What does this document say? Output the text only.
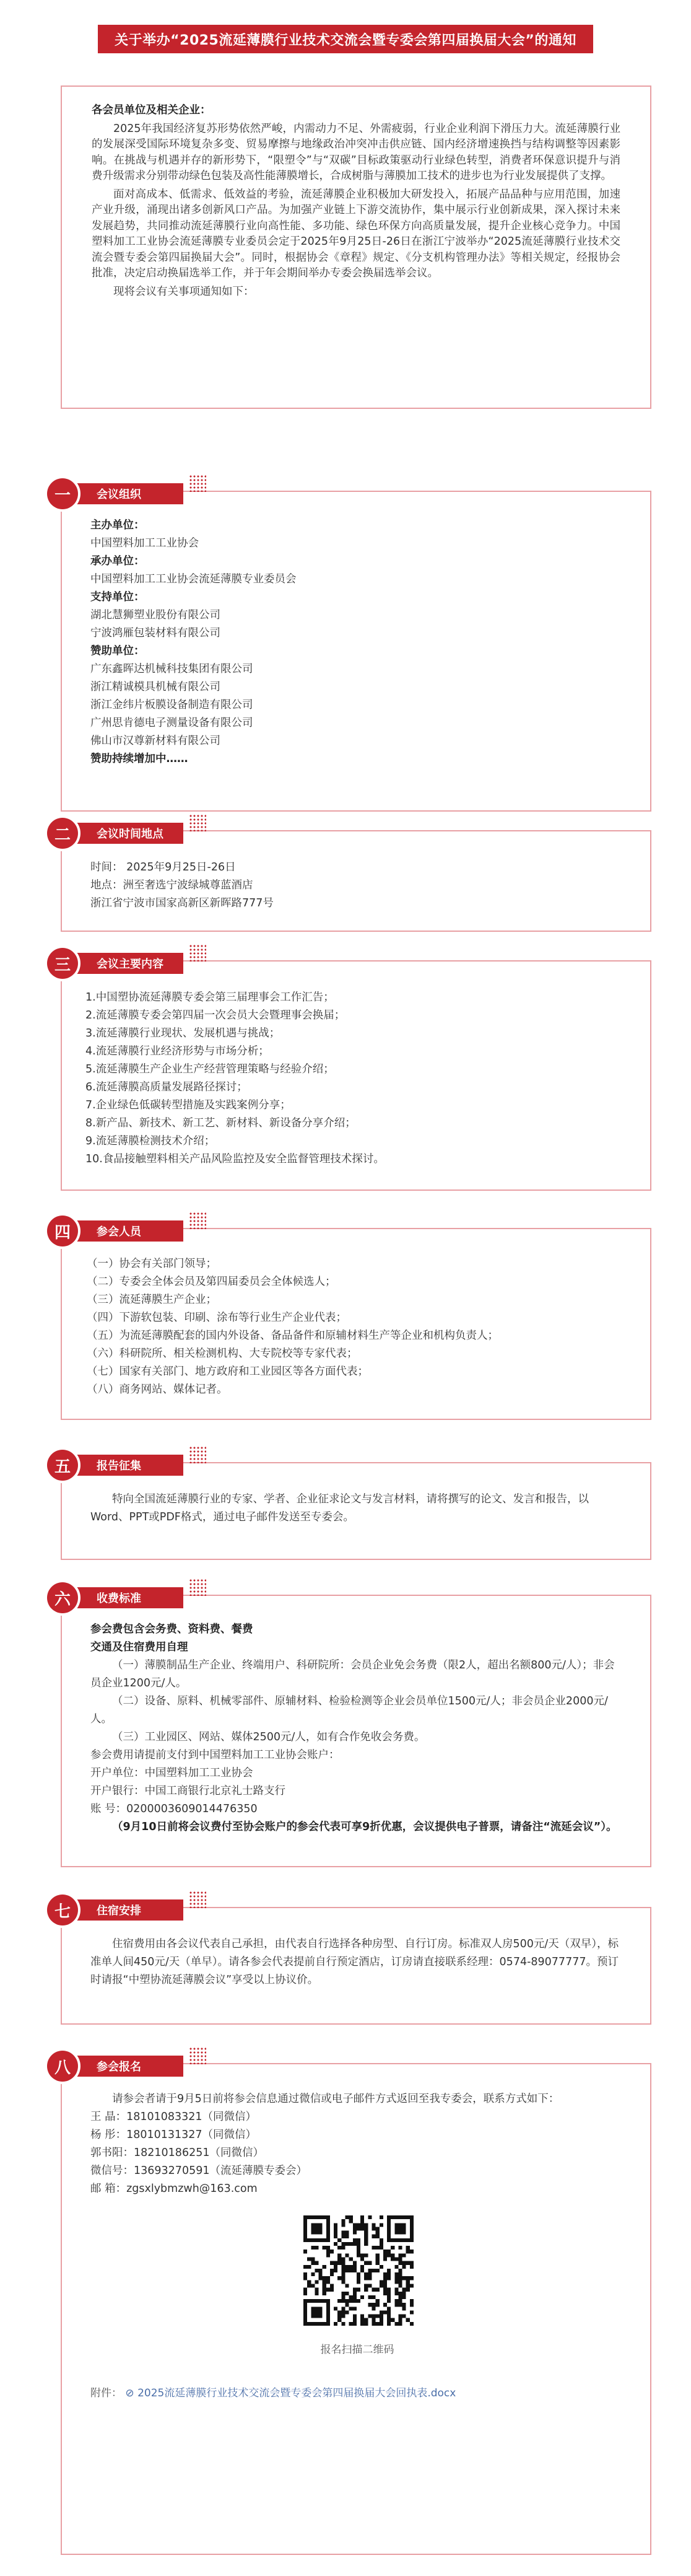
关于举办“2025流延薄膜行业技术交流会暨专委会第四届换届大会”的通知

各会员单位及相关企业：

2025年我国经济复苏形势依然严峻，内需动力不足、外需疲弱，行业企业利润下滑压力大。流延薄膜行业的发展深受国际环境复杂多变、贸易摩擦与地缘政治冲突冲击供应链、国内经济增速换挡与结构调整等因素影响。在挑战与机遇并存的新形势下，“限塑令”与“双碳”目标政策驱动行业绿色转型，消费者环保意识提升与消费升级需求分别带动绿色包装及高性能薄膜增长，合成树脂与薄膜加工技术的进步也为行业发展提供了支撑。

面对高成本、低需求、低效益的考验，流延薄膜企业积极加大研发投入，拓展产品品种与应用范围，加速产业升级，涌现出诸多创新风口产品。为加强产业链上下游交流协作，集中展示行业创新成果，深入探讨未来发展趋势，共同推动流延薄膜行业向高性能、多功能、绿色环保方向高质量发展，提升企业核心竞争力。中国塑料加工工业协会流延薄膜专业委员会定于2025年9月25日-26日在浙江宁波举办“2025流延薄膜行业技术交流会暨专委会第四届换届大会”。同时，根据协会《章程》规定、《分支机构管理办法》等相关规定，经报协会批准，决定启动换届选举工作，并于年会期间举办专委会换届选举会议。

现将会议有关事项通知如下：

一	会议组织
主办单位：
中国塑料加工工业协会
承办单位：
中国塑料加工工业协会流延薄膜专业委员会
支持单位：
湖北慧狮塑业股份有限公司
宁波鸿雁包装材料有限公司
赞助单位：
广东鑫晖达机械科技集团有限公司
浙江精诚模具机械有限公司
浙江金纬片板膜设备制造有限公司
广州思肯德电子测量设备有限公司
佛山市汉尊新材料有限公司
赞助持续增加中……
二	会议时间地点
时间： 2025年9月25日-26日
地点：洲至奢选宁波绿城尊蓝酒店
浙江省宁波市国家高新区新晖路777号
三	会议主要内容
1.中国塑协流延薄膜专委会第三届理事会工作汇告；
2.流延薄膜专委会第四届一次会员大会暨理事会换届；
3.流延薄膜行业现状、发展机遇与挑战；
4.流延薄膜行业经济形势与市场分析；
5.流延薄膜生产企业生产经营管理策略与经验介绍；
6.流延薄膜高质量发展路径探讨；
7.企业绿色低碳转型措施及实践案例分享；
8.新产品、新技术、新工艺、新材料、新设备分享介绍；
9.流延薄膜检测技术介绍；
10.食品接触塑料相关产品风险监控及安全监督管理技术探讨。
四	参会人员
（一）协会有关部门领导；
（二）专委会全体会员及第四届委员会全体候选人；
（三）流延薄膜生产企业；
（四）下游软包装、印刷、涂布等行业生产企业代表；
（五）为流延薄膜配套的国内外设备、备品备件和原辅材料生产等企业和机构负责人；
（六）科研院所、相关检测机构、大专院校等专家代表；
（七）国家有关部门、地方政府和工业园区等各方面代表；
（八）商务网站、媒体记者。
五	报告征集
特向全国流延薄膜行业的专家、学者、企业征求论文与发言材料，请将撰写的论文、发言和报告，以Word、PPT或PDF格式，通过电子邮件发送至专委会。
六	收费标准
参会费包含会务费、资料费、餐费
交通及住宿费用自理
（一）薄膜制品生产企业、终端用户、科研院所：会员企业免会务费（限2人，超出名额800元/人）；非会员企业1200元/人。
（二）设备、原料、机械零部件、原辅材料、检验检测等企业会员单位1500元/人；非会员企业2000元/人。
（三）工业园区、网站、媒体2500元/人，如有合作免收会务费。
参会费用请提前支付到中国塑料加工工业协会账户：
开户单位：中国塑料加工工业协会
开户银行：中国工商银行北京礼士路支行
账 号：0200003609014476350
（9月10日前将会议费付至协会账户的参会代表可享9折优惠，会议提供电子普票，请备注“流延会议”）。
七	住宿安排
住宿费用由各会议代表自己承担，由代表自行选择各种房型、自行订房。标准双人房500元/天（双早），标准单人间450元/天（单早）。请各参会代表提前自行预定酒店，订房请直接联系经理：0574-89077777。预订时请报“中塑协流延薄膜会议”享受以上协议价。
八	参会报名
请参会者请于9月5日前将参会信息通过微信或电子邮件方式返回至我专委会，联系方式如下：
王 晶：18101083321（同微信）
杨 彤：18010131327（同微信）
郭书阳：18210186251（同微信）
微信号：13693270591（流延薄膜专委会）
邮 箱：zgsxlybmzwh@163.com
报名扫描二维码
附件： ⊘ 2025流延薄膜行业技术交流会暨专委会第四届换届大会回执表.docx
